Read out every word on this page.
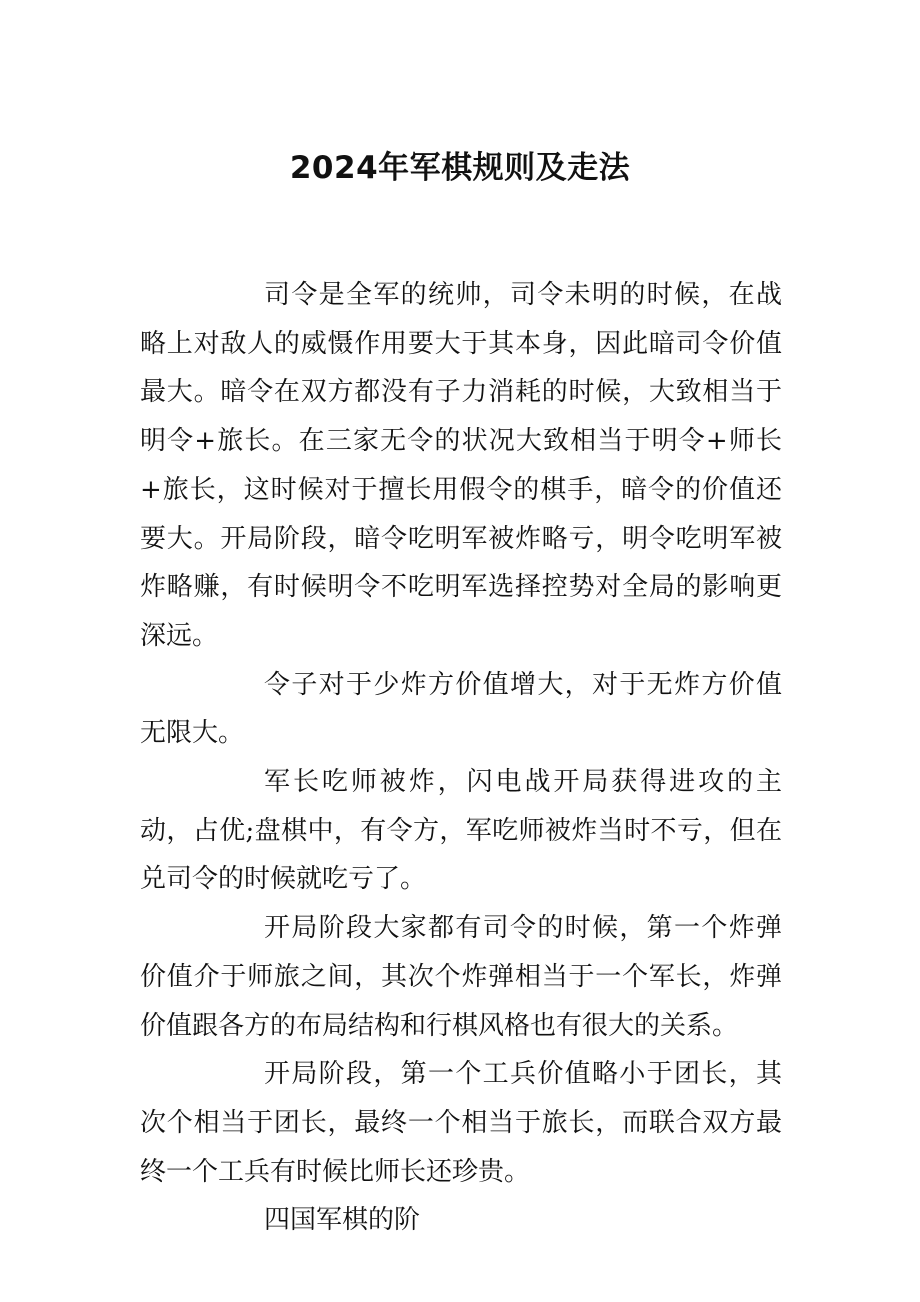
2024年军棋规则及走法

司令是全军的统帅，司令未明的时候，在战略上对敌人的威慑作用要大于其本身，因此暗司令价值最大。暗令在双方都没有子力消耗的时候，大致相当于明令+旅长。在三家无令的状况大致相当于明令+师长+旅长，这时候对于擅长用假令的棋手，暗令的价值还要大。开局阶段，暗令吃明军被炸略亏，明令吃明军被炸略赚，有时候明令不吃明军选择控势对全局的影响更深远。

令子对于少炸方价值增大，对于无炸方价值无限大。

军长吃师被炸，闪电战开局获得进攻的主动，占优;盘棋中，有令方，军吃师被炸当时不亏，但在兑司令的时候就吃亏了。

开局阶段大家都有司令的时候，第一个炸弹价值介于师旅之间，其次个炸弹相当于一个军长，炸弹价值跟各方的布局结构和行棋风格也有很大的关系。

开局阶段，第一个工兵价值略小于团长，其次个相当于团长，最终一个相当于旅长，而联合双方最终一个工兵有时候比师长还珍贵。

四国军棋的阶
